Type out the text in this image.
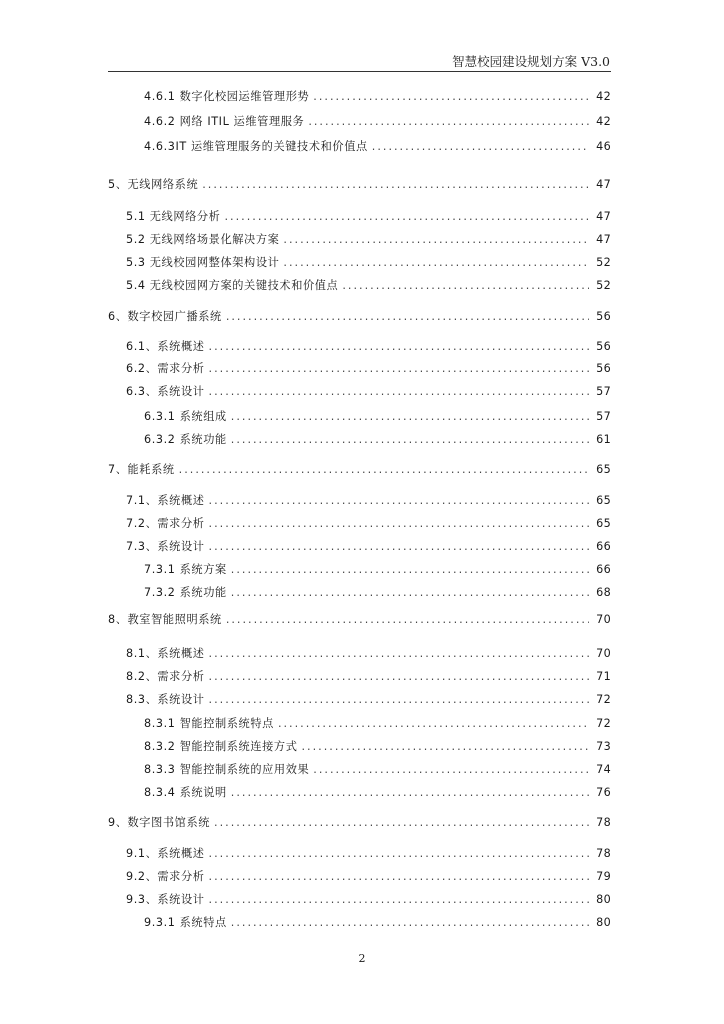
智慧校园建设规划方案 V3.0
4.6.1 数字化校园运维管理形势 .....	42
4.6.2 网络 ITIL 运维管理服务 .....	42
4.6.3IT 运维管理服务的关键技术和价值点 .....	46
5、无线网络系统 .....	47
5.1 无线网络分析 .....	47
5.2 无线网络场景化解决方案 .....	47
5.3 无线校园网整体架构设计 .....	52
5.4 无线校园网方案的关键技术和价值点 .....	52
6、数字校园广播系统 .....	56
6.1、系统概述 .....	56
6.2、需求分析 .....	56
6.3、系统设计 .....	57
6.3.1 系统组成 .....	57
6.3.2 系统功能 .....	61
7、能耗系统 .....	65
7.1、系统概述 .....	65
7.2、需求分析 .....	65
7.3、系统设计 .....	66
7.3.1 系统方案 .....	66
7.3.2 系统功能 .....	68
8、教室智能照明系统 .....	70
8.1、系统概述 .....	70
8.2、需求分析 .....	71
8.3、系统设计 .....	72
8.3.1 智能控制系统特点 .....	72
8.3.2 智能控制系统连接方式 .....	73
8.3.3 智能控制系统的应用效果 .....	74
8.3.4 系统说明 .....	76
9、数字图书馆系统 .....	78
9.1、系统概述 .....	78
9.2、需求分析 .....	79
9.3、系统设计 .....	80
9.3.1 系统特点 .....	80
2
